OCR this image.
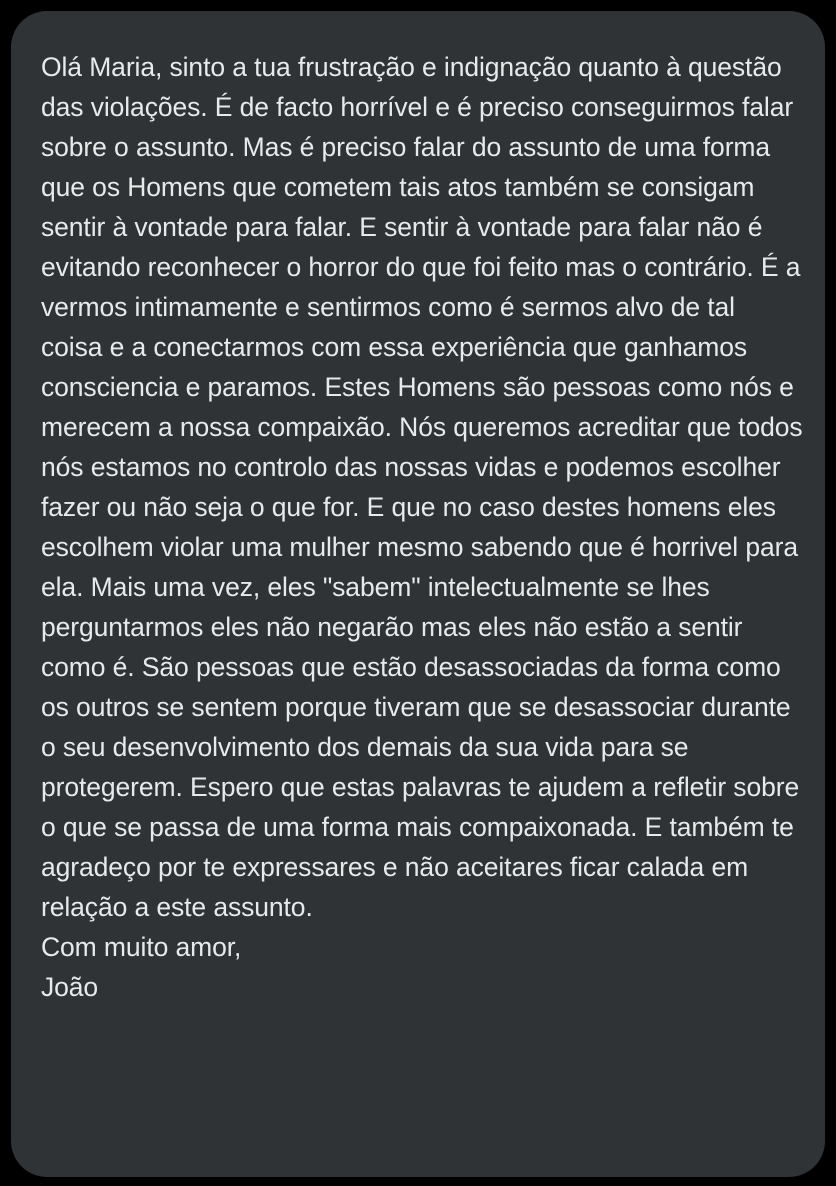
Olá Maria, sinto a tua frustração e indignação quanto à questão das violações. É de facto horrível e é preciso conseguirmos falar sobre o assunto. Mas é preciso falar do assunto de uma forma que os Homens que cometem tais atos também se consigam sentir à vontade para falar. E sentir à vontade para falar não é evitando reconhecer o horror do que foi feito mas o contrário. É a vermos intimamente e sentirmos como é sermos alvo de tal coisa e a conectarmos com essa experiência que ganhamos consciencia e paramos. Estes Homens são pessoas como nós e merecem a nossa compaixão. Nós queremos acreditar que todos nós estamos no controlo das nossas vidas e podemos escolher fazer ou não seja o que for. E que no caso destes homens eles escolhem violar uma mulher mesmo sabendo que é horrivel para ela. Mais uma vez, eles "sabem" intelectualmente se lhes perguntarmos eles não negarão mas eles não estão a sentir como é. São pessoas que estão desassociadas da forma como os outros se sentem porque tiveram que se desassociar durante o seu desenvolvimento dos demais da sua vida para se protegerem. Espero que estas palavras te ajudem a refletir sobre o que se passa de uma forma mais compaixonada. E também te agradeço por te expressares e não aceitares ficar calada em relação a este assunto.
Com muito amor,
João
